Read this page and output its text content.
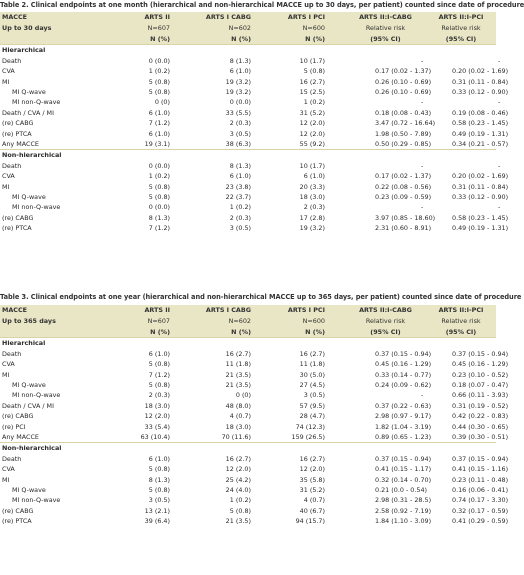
Table 2. Clinical endpoints at one month (hierarchical and non-hierarchical MACCE up to 30 days, per patient) counted since date of procedure
MACCE	ARTS II	ARTS I CABG	ARTS I PCI	ARTS II:I-CABG	ARTS II:I-PCI
Up to 30 days	N=607	N=602	N=600	Relative risk	Relative risk
	N (%)	N (%)	N (%)	(95% CI)	(95% CI)
Hierarchical					
Death	0 (0.0)	8 (1.3)	10 (1.7)	-	-
CVA	1 (0.2)	6 (1.0)	5 (0.8)	0.17 (0.02 - 1.37)	0.20 (0.02 - 1.69)
MI	5 (0.8)	19 (3.2)	16 (2.7)	0.26 (0.10 - 0.69)	0.31 (0.11 - 0.84)
MI Q-wave	5 (0.8)	19 (3.2)	15 (2.5)	0.26 (0.10 - 0.69)	0.33 (0.12 - 0.90)
MI non-Q-wave	0 (0)	0 (0.0)	1 (0.2)	-	-
Death / CVA / MI	6 (1.0)	33 (5.5)	31 (5.2)	0.18 (0.08 - 0.43)	0.19 (0.08 - 0.46)
(re) CABG	7 (1.2)	2 (0.3)	12 (2.0)	3.47 (0.72 - 16.64)	0.58 (0.23 - 1.45)
(re) PTCA	6 (1.0)	3 (0.5)	12 (2.0)	1.98 (0.50 - 7.89)	0.49 (0.19 - 1.31)
Any MACCE	19 (3.1)	38 (6.3)	55 (9.2)	0.50 (0.29 - 0.85)	0.34 (0.21 - 0.57)
Non-hierarchical					
Death	0 (0.0)	8 (1.3)	10 (1.7)	-	-
CVA	1 (0.2)	6 (1.0)	6 (1.0)	0.17 (0.02 - 1.37)	0.20 (0.02 - 1.69)
MI	5 (0.8)	23 (3.8)	20 (3.3)	0.22 (0.08 - 0.56)	0.31 (0.11 - 0.84)
MI Q-wave	5 (0.8)	22 (3.7)	18 (3.0)	0.23 (0.09 - 0.59)	0.33 (0.12 - 0.90)
MI non-Q-wave	0 (0.0)	1 (0.2)	2 (0.3)	-	-
(re) CABG	8 (1.3)	2 (0.3)	17 (2.8)	3.97 (0.85 - 18.60)	0.58 (0.23 - 1.45)
(re) PTCA	7 (1.2)	3 (0.5)	19 (3.2)	2.31 (0.60 - 8.91)	0.49 (0.19 - 1.31)
Table 3. Clinical endpoints at one year (hierarchical and non-hierarchical MACCE up to 365 days, per patient) counted since date of procedure
MACCE	ARTS II	ARTS I CABG	ARTS I PCI	ARTS II:I-CABG	ARTS II:I-PCI
Up to 365 days	N=607	N=602	N=600	Relative risk	Relative risk
	N (%)	N (%)	N (%)	(95% CI)	(95% CI)
Hierarchical					
Death	6 (1.0)	16 (2.7)	16 (2.7)	0.37 (0.15 - 0.94)	0.37 (0.15 - 0.94)
CVA	5 (0.8)	11 (1.8)	11 (1.8)	0.45 (0.16 - 1.29)	0.45 (0.16 - 1.29)
MI	7 (1.2)	21 (3.5)	30 (5.0)	0.33 (0.14 - 0.77)	0.23 (0.10 - 0.52)
MI Q-wave	5 (0.8)	21 (3.5)	27 (4.5)	0.24 (0.09 - 0.62)	0.18 (0.07 - 0.47)
MI non-Q-wave	2 (0.3)	0 (0)	3 (0.5)	-	0.66 (0.11 - 3.93)
Death / CVA / MI	18 (3.0)	48 (8.0)	57 (9.5)	0.37 (0.22 - 0.63)	0.31 (0.19 - 0.52)
(re) CABG	12 (2.0)	4 (0.7)	28 (4.7)	2.98 (0.97 - 9.17)	0.42 (0.22 - 0.83)
(re) PCI	33 (5.4)	18 (3.0)	74 (12.3)	1.82 (1.04 - 3.19)	0.44 (0.30 - 0.65)
Any MACCE	63 (10.4)	70 (11.6)	159 (26.5)	0.89 (0.65 - 1.23)	0.39 (0.30 - 0.51)
Non-hierarchical					
Death	6 (1.0)	16 (2.7)	16 (2.7)	0.37 (0.15 - 0.94)	0.37 (0.15 - 0.94)
CVA	5 (0.8)	12 (2.0)	12 (2.0)	0.41 (0.15 - 1.17)	0.41 (0.15 - 1.16)
MI	8 (1.3)	25 (4.2)	35 (5.8)	0.32 (0.14 - 0.70)	0.23 (0.11 - 0.48)
MI Q-wave	5 (0.8)	24 (4.0)	31 (5.2)	0.21 (0.0 - 0.54)	0.16 (0.06 - 0.41)
MI non-Q-wave	3 (0.5)	1 (0.2)	4 (0.7)	2.98 (0.31 - 28.5)	0.74 (0.17 - 3.30)
(re) CABG	13 (2.1)	5 (0.8)	40 (6.7)	2.58 (0.92 - 7.19)	0.32 (0.17 - 0.59)
(re) PTCA	39 (6.4)	21 (3.5)	94 (15.7)	1.84 (1.10 - 3.09)	0.41 (0.29 - 0.59)
